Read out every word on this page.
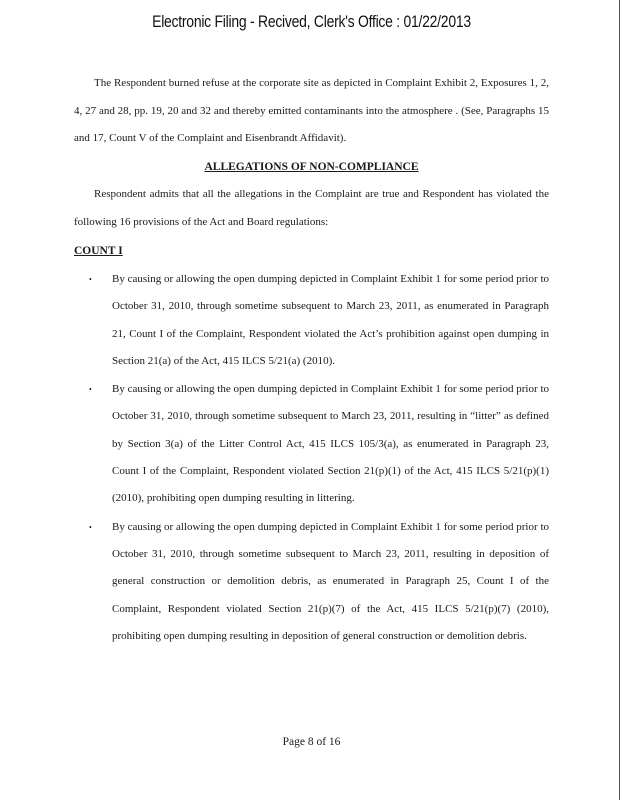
Electronic Filing - Recived, Clerk's Office : 01/22/2013

The Respondent burned refuse at the corporate site as depicted in Complaint Exhibit 2, Exposures 1, 2, 4, 27 and 28, pp. 19, 20 and 32 and thereby emitted contaminants into the atmosphere . (See, Paragraphs 15 and 17, Count V of the Complaint and Eisenbrandt Affidavit).

ALLEGATIONS OF NON-COMPLIANCE

Respondent admits that all the allegations in the Complaint are true and Respondent has violated the following 16 provisions of the Act and Board regulations:

COUNT I
• By causing or allowing the open dumping depicted in Complaint Exhibit 1 for some period prior to October 31, 2010, through sometime subsequent to March 23, 2011, as enumerated in Paragraph 21, Count I of the Complaint, Respondent violated the Act’s prohibition against open dumping in Section 21(a) of the Act, 415 ILCS 5/21(a) (2010).
• By causing or allowing the open dumping depicted in Complaint Exhibit 1 for some period prior to October 31, 2010, through sometime subsequent to March 23, 2011, resulting in “litter” as defined by Section 3(a) of the Litter Control Act, 415 ILCS 105/3(a), as enumerated in Paragraph 23, Count I of the Complaint, Respondent violated Section 21(p)(1) of the Act, 415 ILCS 5/21(p)(1) (2010), prohibiting open dumping resulting in littering.
• By causing or allowing the open dumping depicted in Complaint Exhibit 1 for some period prior to October 31, 2010, through sometime subsequent to March 23, 2011, resulting in deposition of general construction or demolition debris, as enumerated in Paragraph 25, Count I of the Complaint, Respondent violated Section 21(p)(7) of the Act, 415 ILCS 5/21(p)(7) (2010), prohibiting open dumping resulting in deposition of general construction or demolition debris.
Page 8 of 16
